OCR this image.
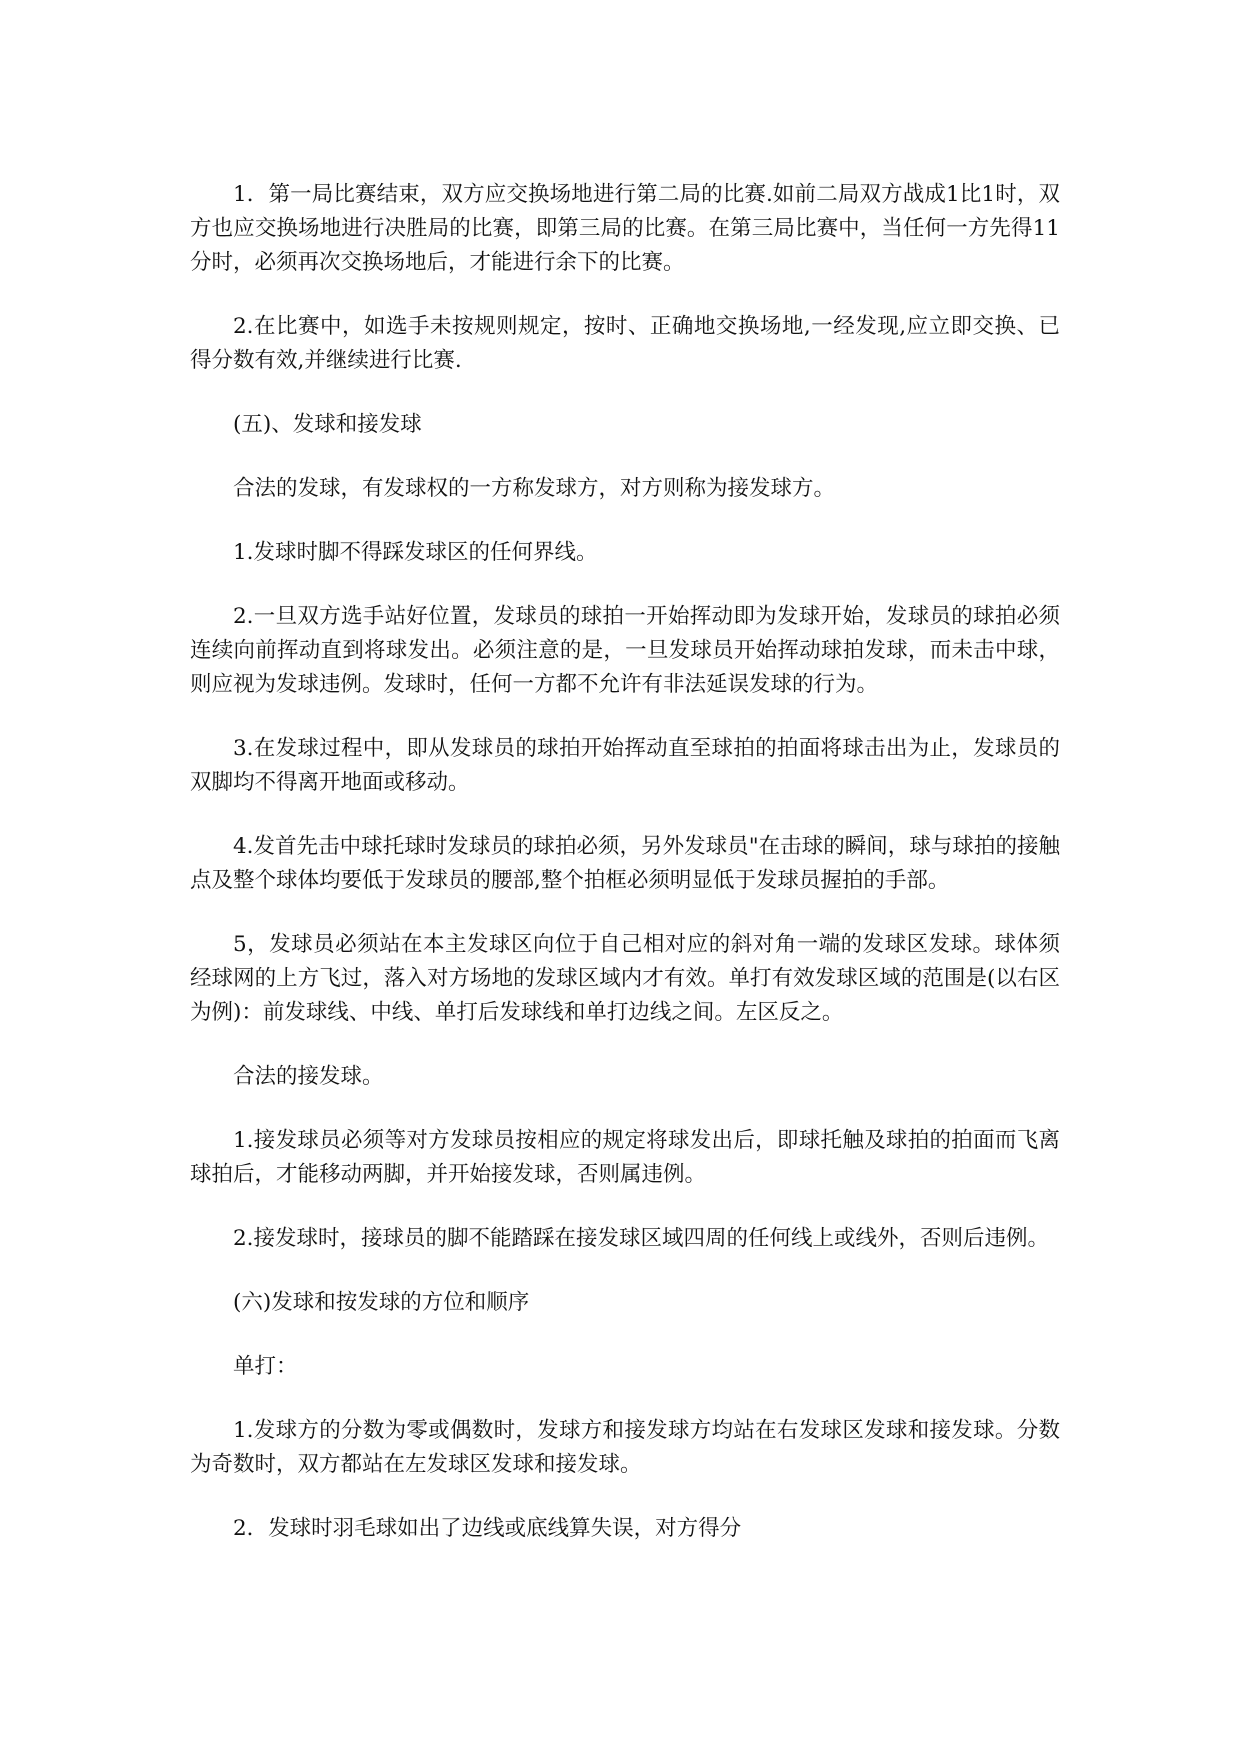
1．第一局比赛结束，双方应交换场地进行第二局的比赛.如前二局双方战成1比1时，双方也应交换场地进行决胜局的比赛，即第三局的比赛。在第三局比赛中，当任何一方先得11分时，必须再次交换场地后，才能进行余下的比赛。

2.在比赛中，如选手未按规则规定，按时、正确地交换场地,一经发现,应立即交换、已得分数有效,并继续进行比赛.

(五)、发球和接发球

合法的发球，有发球权的一方称发球方，对方则称为接发球方。

1.发球时脚不得踩发球区的任何界线。

2.一旦双方选手站好位置，发球员的球拍一开始挥动即为发球开始，发球员的球拍必须连续向前挥动直到将球发出。必须注意的是，一旦发球员开始挥动球拍发球，而未击中球，则应视为发球违例。发球时，任何一方都不允许有非法延误发球的行为。

3.在发球过程中，即从发球员的球拍开始挥动直至球拍的拍面将球击出为止，发球员的双脚均不得离开地面或移动。

4.发首先击中球托球时发球员的球拍必须，另外发球员"在击球的瞬间，球与球拍的接触点及整个球体均要低于发球员的腰部,整个拍框必须明显低于发球员握拍的手部。

5，发球员必须站在本主发球区向位于自己相对应的斜对角一端的发球区发球。球体须经球网的上方飞过，落入对方场地的发球区域内才有效。单打有效发球区域的范围是(以右区为例)：前发球线、中线、单打后发球线和单打边线之间。左区反之。

合法的接发球。

1.接发球员必须等对方发球员按相应的规定将球发出后，即球托触及球拍的拍面而飞离球拍后，才能移动两脚，并开始接发球，否则属违例。

2.接发球时，接球员的脚不能踏踩在接发球区域四周的任何线上或线外，否则后违例。

(六)发球和按发球的方位和顺序

单打：

1.发球方的分数为零或偶数时，发球方和接发球方均站在右发球区发球和接发球。分数为奇数时，双方都站在左发球区发球和接发球。

2．发球时羽毛球如出了边线或底线算失误，对方得分
